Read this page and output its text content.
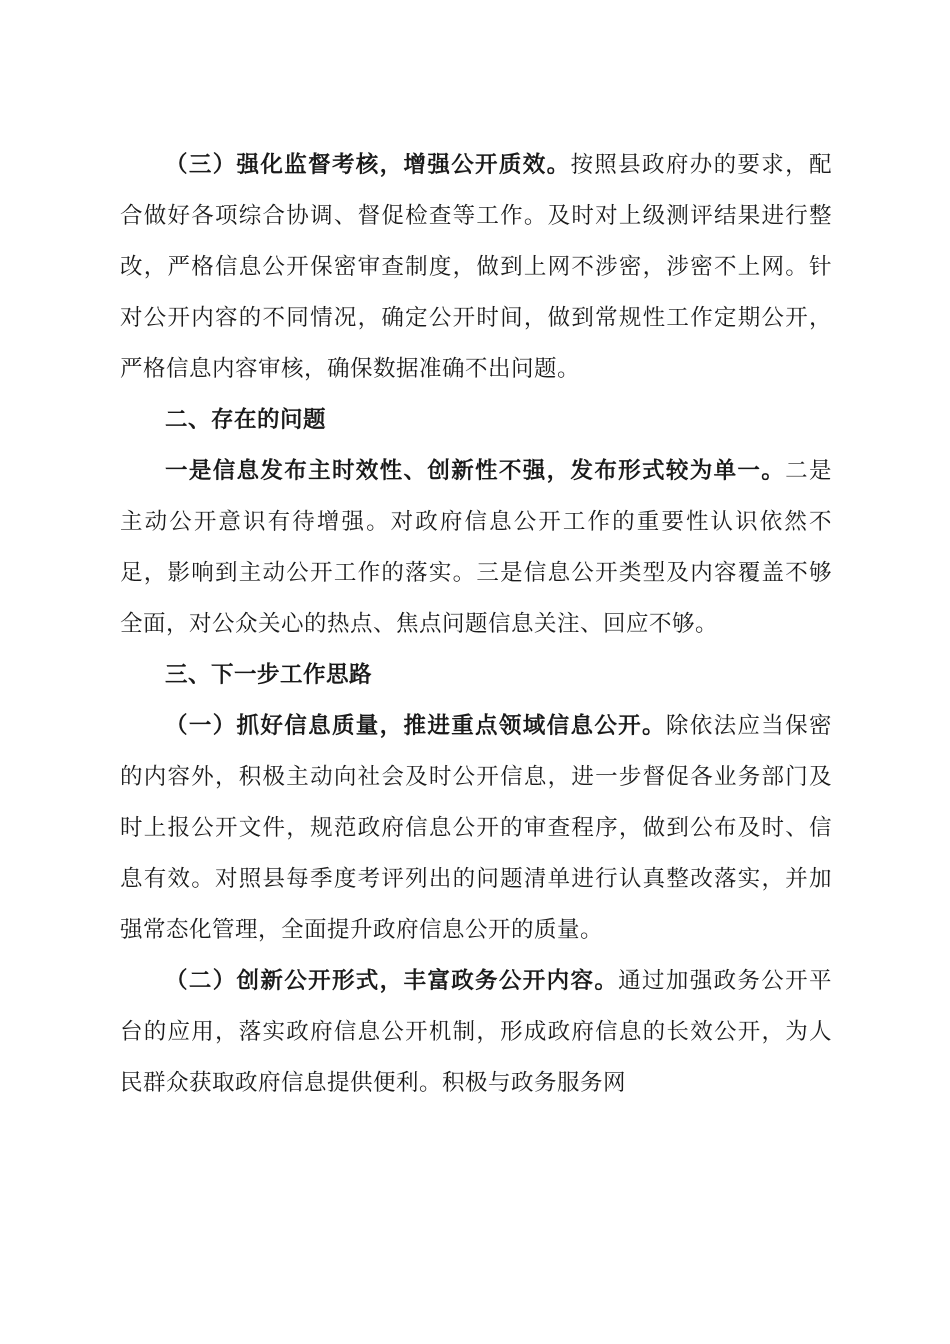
（三）强化监督考核，增强公开质效。按照县政府办的要求，配合做好各项综合协调、督促检查等工作。及时对上级测评结果进行整改，严格信息公开保密审查制度，做到上网不涉密，涉密不上网。针对公开内容的不同情况，确定公开时间，做到常规性工作定期公开，严格信息内容审核，确保数据准确不出问题。

二、存在的问题

一是信息发布主时效性、创新性不强，发布形式较为单一。二是主动公开意识有待增强。对政府信息公开工作的重要性认识依然不足，影响到主动公开工作的落实。三是信息公开类型及内容覆盖不够全面，对公众关心的热点、焦点问题信息关注、回应不够。

三、下一步工作思路

（一）抓好信息质量，推进重点领域信息公开。除依法应当保密的内容外，积极主动向社会及时公开信息，进一步督促各业务部门及时上报公开文件，规范政府信息公开的审查程序，做到公布及时、信息有效。对照县每季度考评列出的问题清单进行认真整改落实，并加强常态化管理，全面提升政府信息公开的质量。

（二）创新公开形式，丰富政务公开内容。通过加强政务公开平台的应用，落实政府信息公开机制，形成政府信息的长效公开，为人民群众获取政府信息提供便利。积极与政务服务网
